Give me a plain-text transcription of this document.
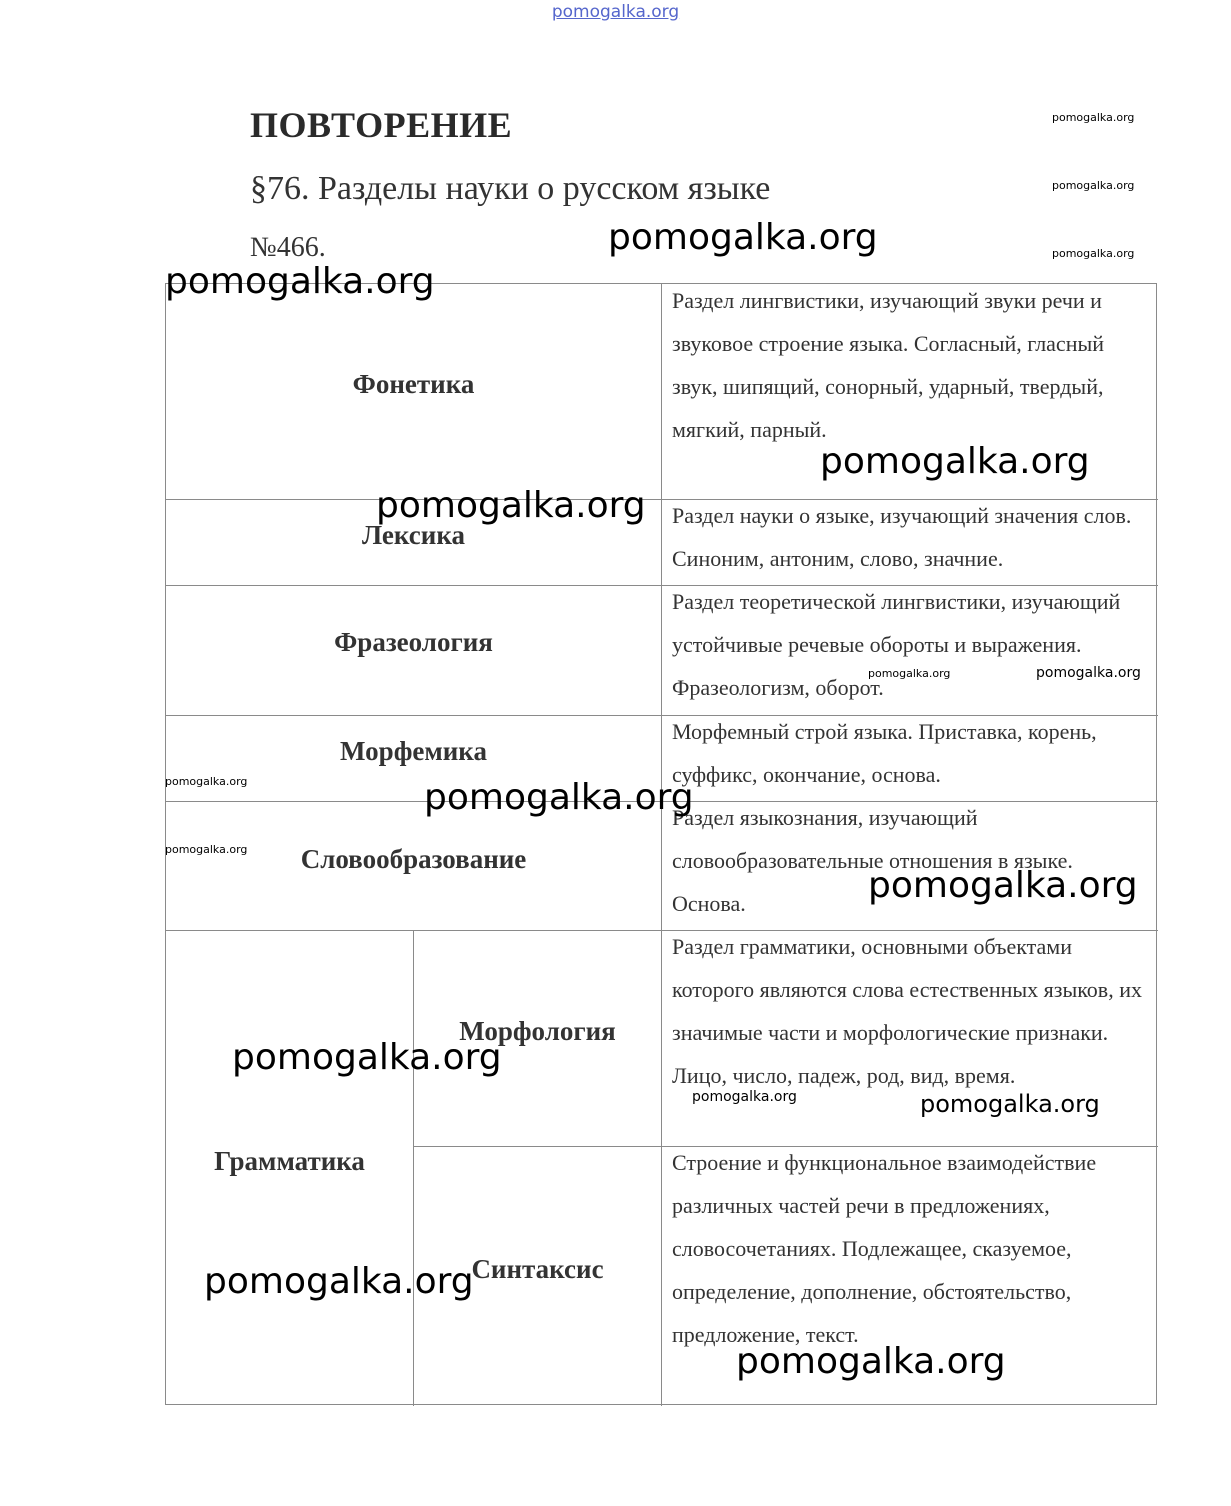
pomogalka.org
ПОВТОРЕНИЕ
§76. Разделы науки о русском языке
№466.
Фонетика
Раздел лингвистики, изучающий звуки речи и звуковое строение языка. Согласный, гласный звук, шипящий, сонорный, ударный, твердый, мягкий, парный.
Лексика
Раздел науки о языке, изучающий значения слов. Синоним, антоним, слово, значние.
Фразеология
Раздел теоретической лингвистики, изучающий устойчивые речевые обороты и выражения. Фразеологизм, оборот.
Морфемика
Морфемный строй языка. Приставка, корень, суффикс, окончание, основа.
Словообразование
Раздел языкознания, изучающий словообразовательные отношения в языке. Основа.
Грамматика
Морфология
Раздел грамматики, основными объектами которого являются слова естественных языков, их значимые части и морфологические признаки. Лицо, число, падеж, род, вид, время.
Синтаксис
Строение и функциональное взаимодействие различных частей речи в предложениях, словосочетаниях. Подлежащее, сказуемое, определение, дополнение, обстоятельство, предложение, текст.
pomogalka.org
pomogalka.org
pomogalka.org
pomogalka.org
pomogalka.org
pomogalka.org
pomogalka.org
pomogalka.org	pomogalka.org
pomogalka.org	pomogalka.org
pomogalka.org
pomogalka.org
pomogalka.org
pomogalka.org	pomogalka.org
pomogalka.org
pomogalka.org
